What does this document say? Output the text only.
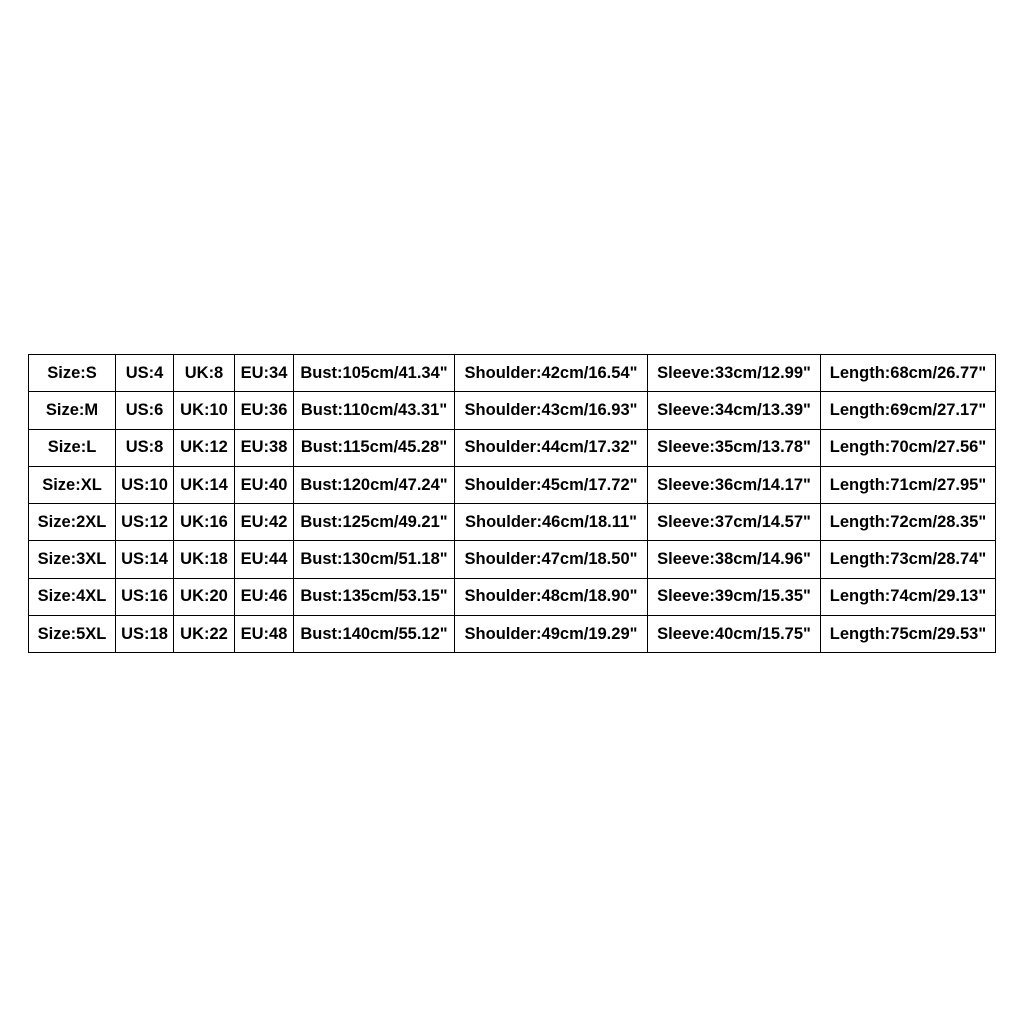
Size:S	US:4	UK:8	EU:34	Bust:105cm/41.34"	Shoulder:42cm/16.54"	Sleeve:33cm/12.99"	Length:68cm/26.77"
Size:M	US:6	UK:10	EU:36	Bust:110cm/43.31"	Shoulder:43cm/16.93"	Sleeve:34cm/13.39"	Length:69cm/27.17"
Size:L	US:8	UK:12	EU:38	Bust:115cm/45.28"	Shoulder:44cm/17.32"	Sleeve:35cm/13.78"	Length:70cm/27.56"
Size:XL	US:10	UK:14	EU:40	Bust:120cm/47.24"	Shoulder:45cm/17.72"	Sleeve:36cm/14.17"	Length:71cm/27.95"
Size:2XL	US:12	UK:16	EU:42	Bust:125cm/49.21"	Shoulder:46cm/18.11"	Sleeve:37cm/14.57"	Length:72cm/28.35"
Size:3XL	US:14	UK:18	EU:44	Bust:130cm/51.18"	Shoulder:47cm/18.50"	Sleeve:38cm/14.96"	Length:73cm/28.74"
Size:4XL	US:16	UK:20	EU:46	Bust:135cm/53.15"	Shoulder:48cm/18.90"	Sleeve:39cm/15.35"	Length:74cm/29.13"
Size:5XL	US:18	UK:22	EU:48	Bust:140cm/55.12"	Shoulder:49cm/19.29"	Sleeve:40cm/15.75"	Length:75cm/29.53"
